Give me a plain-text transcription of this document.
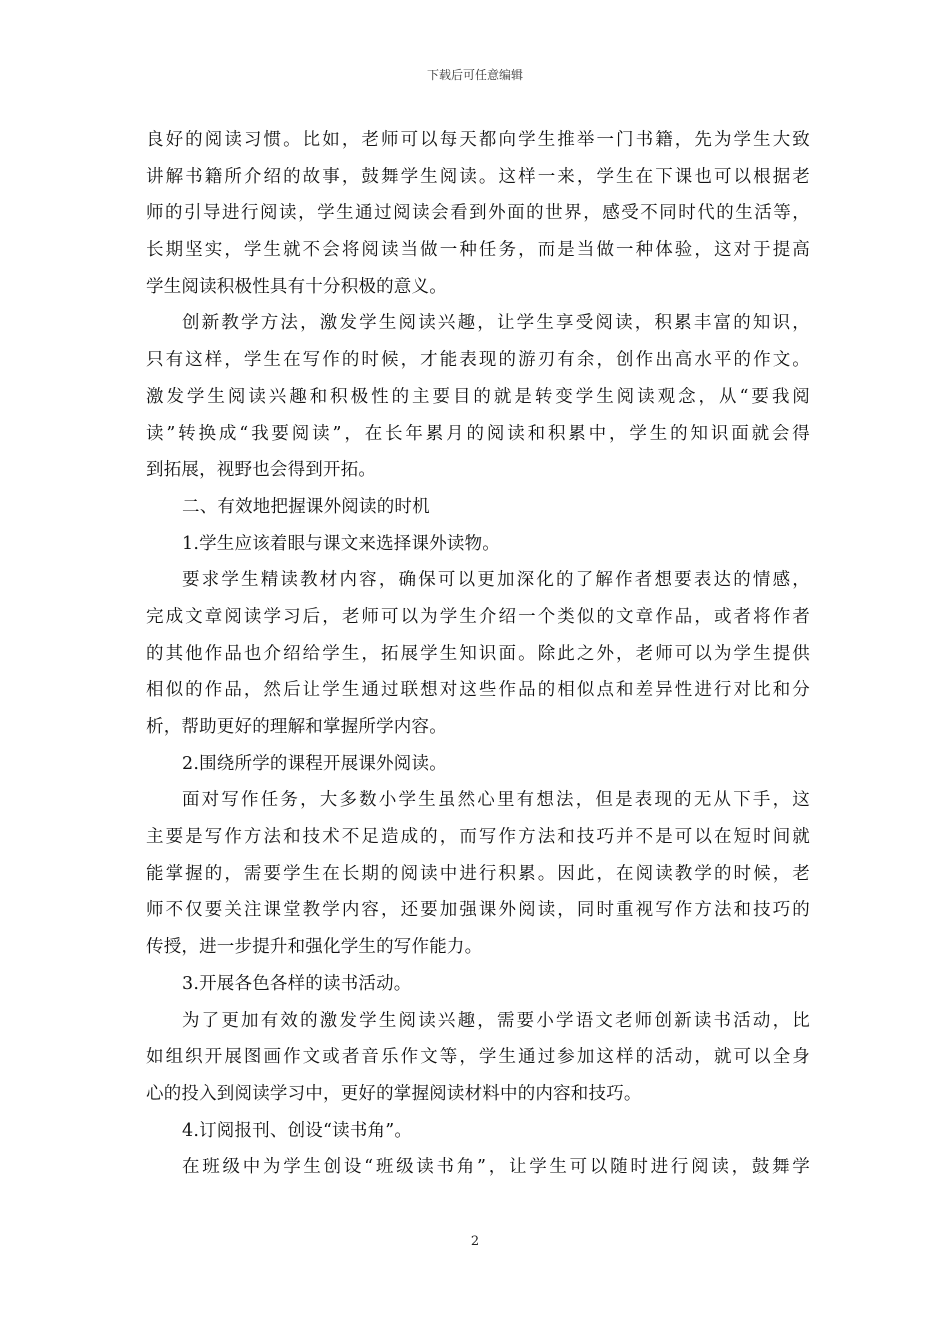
下载后可任意编辑
良好的阅读习惯。比如，老师可以每天都向学生推举一门书籍，先为学生大致
讲解书籍所介绍的故事，鼓舞学生阅读。这样一来，学生在下课也可以根据老
师的引导进行阅读，学生通过阅读会看到外面的世界，感受不同时代的生活等，
长期坚实，学生就不会将阅读当做一种任务，而是当做一种体验，这对于提高
学生阅读积极性具有十分积极的意义。
创新教学方法，激发学生阅读兴趣，让学生享受阅读，积累丰富的知识，
只有这样，学生在写作的时候，才能表现的游刃有余，创作出高水平的作文。
激发学生阅读兴趣和积极性的主要目的就是转变学生阅读观念，从“要我阅
读”转换成“我要阅读”，在长年累月的阅读和积累中，学生的知识面就会得
到拓展，视野也会得到开拓。
二、有效地把握课外阅读的时机
1.学生应该着眼与课文来选择课外读物。
要求学生精读教材内容，确保可以更加深化的了解作者想要表达的情感，
完成文章阅读学习后，老师可以为学生介绍一个类似的文章作品，或者将作者
的其他作品也介绍给学生，拓展学生知识面。除此之外，老师可以为学生提供
相似的作品，然后让学生通过联想对这些作品的相似点和差异性进行对比和分
析，帮助更好的理解和掌握所学内容。
2.围绕所学的课程开展课外阅读。
面对写作任务，大多数小学生虽然心里有想法，但是表现的无从下手，这
主要是写作方法和技术不足造成的，而写作方法和技巧并不是可以在短时间就
能掌握的，需要学生在长期的阅读中进行积累。因此，在阅读教学的时候，老
师不仅要关注课堂教学内容，还要加强课外阅读，同时重视写作方法和技巧的
传授，进一步提升和强化学生的写作能力。
3.开展各色各样的读书活动。
为了更加有效的激发学生阅读兴趣，需要小学语文老师创新读书活动，比
如组织开展图画作文或者音乐作文等，学生通过参加这样的活动，就可以全身
心的投入到阅读学习中，更好的掌握阅读材料中的内容和技巧。
4.订阅报刊、创设“读书角”。
在班级中为学生创设“班级读书角”，让学生可以随时进行阅读，鼓舞学
2
